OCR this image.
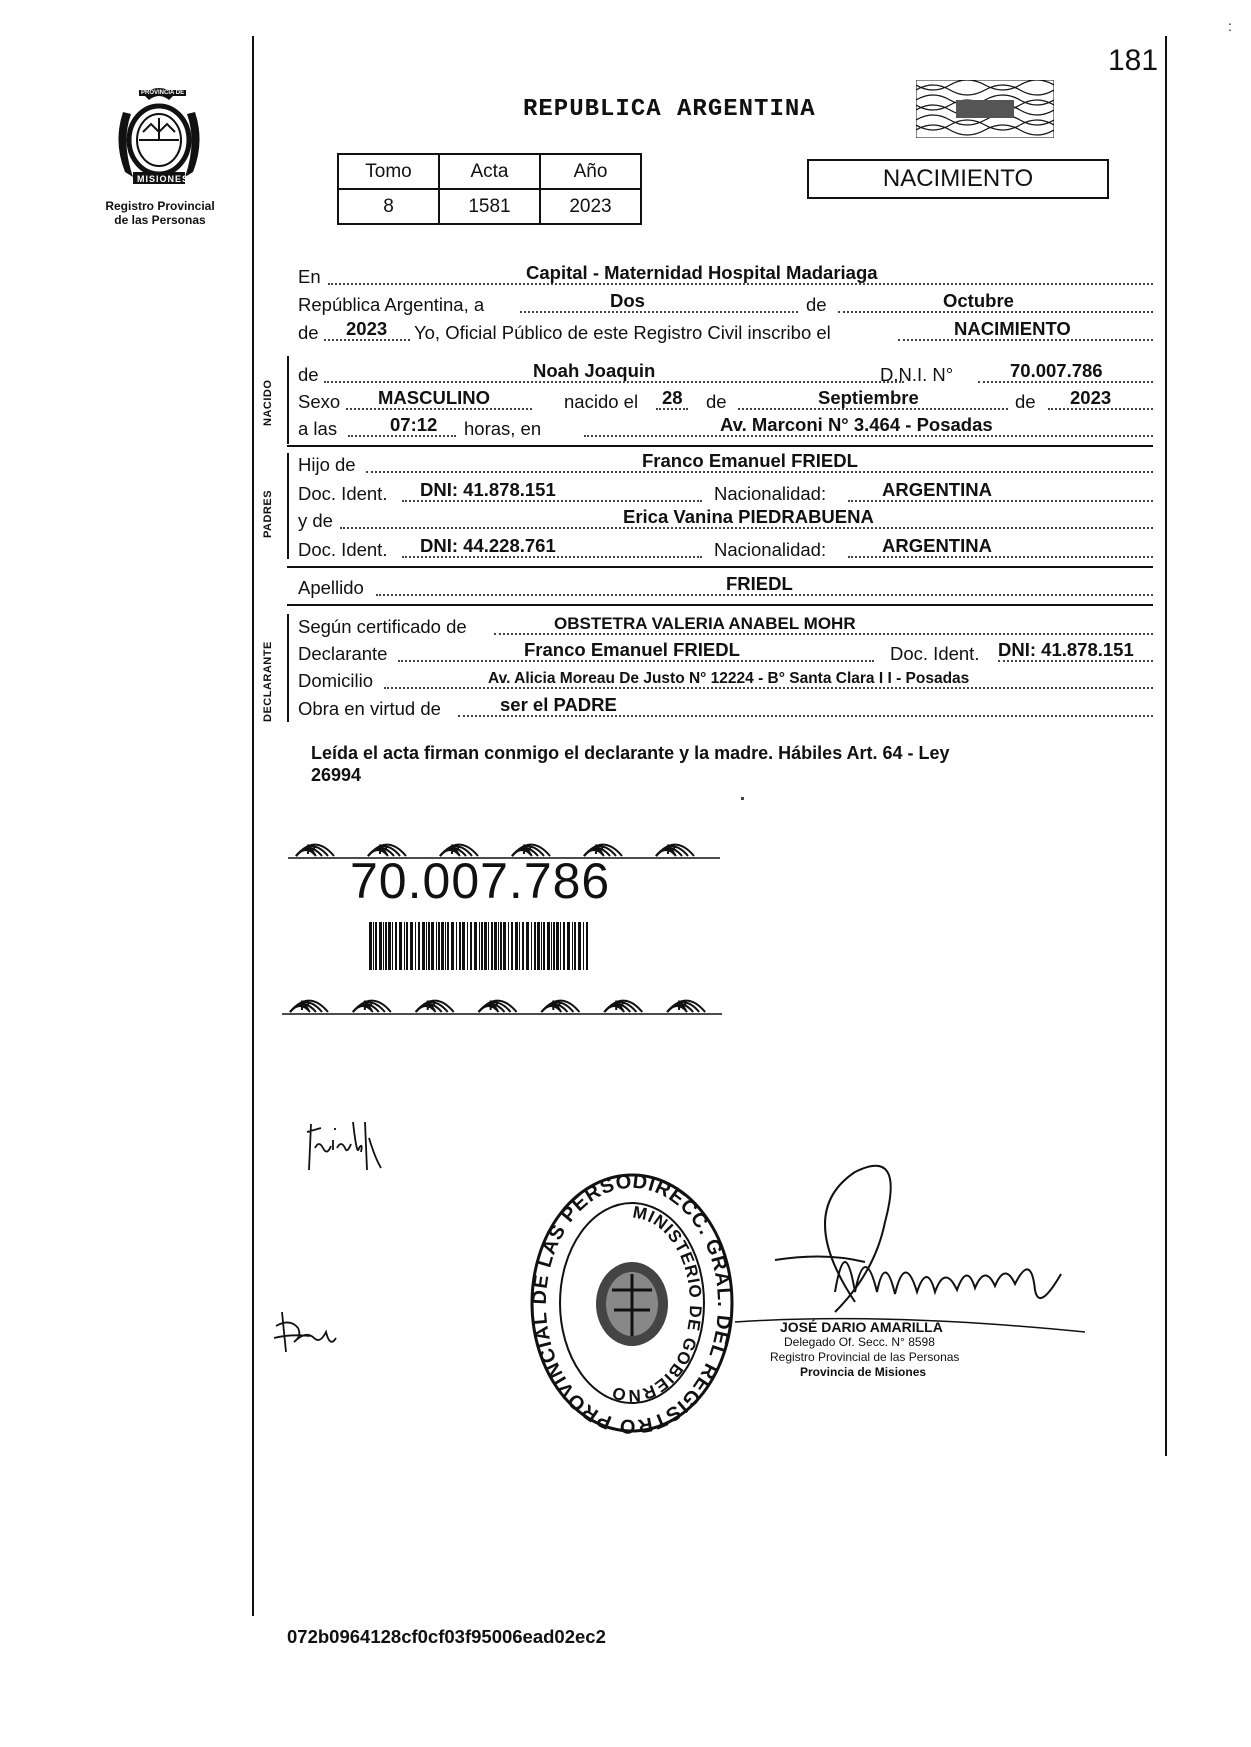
:
PROVINCIA DE
MISIONES
Registro Provincial
de las Personas
181
REPUBLICA ARGENTINA
Tomo	Acta	Año
8	1581	2023
NACIMIENTO
En	Capital - Maternidad Hospital Madariaga
República Argentina, a	Dos	de	Octubre
de 2023 Yo, Oficial Público de este Registro Civil inscribo el	NACIMIENTO
NACIDO
de	Noah Joaquin	D.N.I. N°	70.007.786
Sexo MASCULINO	nacido el 28 de	Septiembre	de 2023
a las	07:12 horas, en	Av. Marconi N° 3.464 - Posadas
PADRES
Hijo de	Franco Emanuel FRIEDL
Doc. Ident. DNI: 41.878.151	Nacionalidad:	ARGENTINA
y de	Erica Vanina PIEDRABUENA
Doc. Ident. DNI: 44.228.761	Nacionalidad:	ARGENTINA
Apellido	FRIEDL
DECLARANTE
Según certificado de	OBSTETRA VALERIA ANABEL MOHR
Declarante	Franco Emanuel FRIEDL	Doc. Ident. DNI: 41.878.151
Domicilio	Av. Alicia Moreau De Justo N° 12224 - B° Santa Clara I I - Posadas
Obra en virtud de	ser el PADRE
Leída el acta firman conmigo el declarante y la madre. Hábiles Art. 64 - Ley
26994
R	R	R	R	R	R
70.007.786
R	R	R	R	R	R	R
DIRECC. GRAL. DEL REGISTRO PROVINCIAL DE LAS PERSO
MINISTERIO DE GOBIERNO
JOSÉ DARIO AMARILLA
Delegado Of. Secc. N° 8598
Registro Provincial de las Personas
Provincia de Misiones
072b0964128cf0cf03f95006ead02ec2
